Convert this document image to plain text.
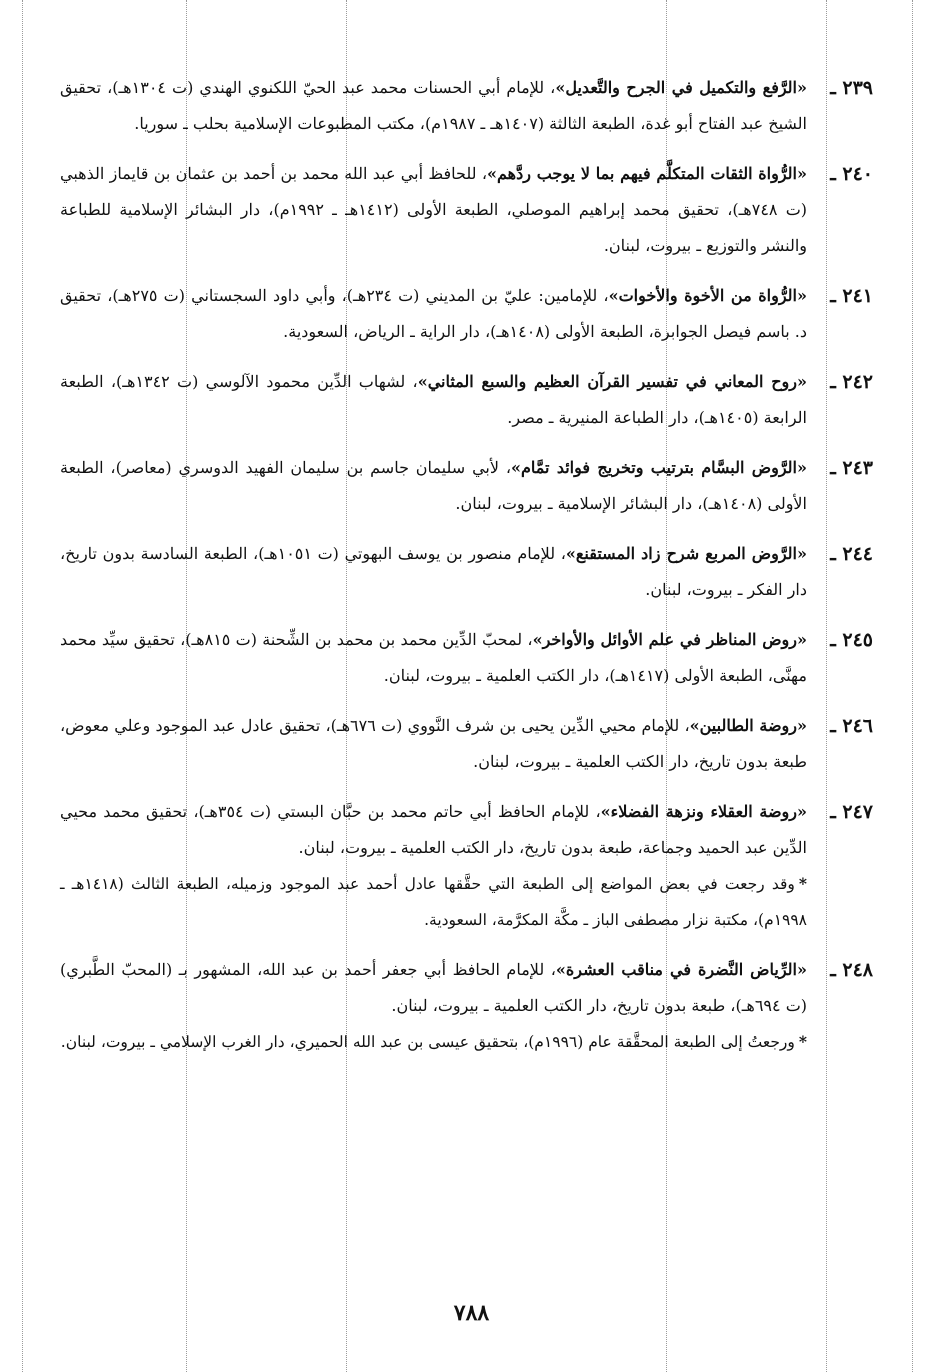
٢٣٩ ـ
«الرَّفع والتكميل في الجرح والتَّعديل»، للإمام أبي الحسنات محمد عبد الحيّ اللكنوي الهندي (ت ١٣٠٤هـ)، تحقيق الشيخ عبد الفتاح أبو غدة، الطبعة الثالثة (١٤٠٧هـ ـ ١٩٨٧م)، مكتب المطبوعات الإسلامية بحلب ـ سوريا.
٢٤٠ ـ
«الرُّواة الثقات المتكلَّم فيهم بما لا يوجب ردَّهم»، للحافظ أبي عبد الله محمد بن أحمد بن عثمان بن قايماز الذهبي (ت ٧٤٨هـ)، تحقيق محمد إبراهيم الموصلي، الطبعة الأولى (١٤١٢هـ ـ ١٩٩٢م)، دار البشائر الإسلامية للطباعة والنشر والتوزيع ـ بيروت، لبنان.
٢٤١ ـ
«الرُّواة من الأخوة والأخوات»، للإمامين: عليّ بن المديني (ت ٢٣٤هـ)، وأبي داود السجستاني (ت ٢٧٥هـ)، تحقيق د. باسم فيصل الجوابرة، الطبعة الأولى (١٤٠٨هـ)، دار الراية ـ الرياض، السعودية.
٢٤٢ ـ
«روح المعاني في تفسير القرآن العظيم والسبع المثاني»، لشهاب الدِّين محمود الآلوسي (ت ١٣٤٢هـ)، الطبعة الرابعة (١٤٠٥هـ)، دار الطباعة المنيرية ـ مصر.
٢٤٣ ـ
«الرَّوض البسَّام بترتيب وتخريج فوائد تمَّام»، لأبي سليمان جاسم بن سليمان الفهيد الدوسري (معاصر)، الطبعة الأولى (١٤٠٨هـ)، دار البشائر الإسلامية ـ بيروت، لبنان.
٢٤٤ ـ
«الرَّوض المربع شرح زاد المستقنع»، للإمام منصور بن يوسف البهوتي (ت ١٠٥١هـ)، الطبعة السادسة بدون تاريخ، دار الفكر ـ بيروت، لبنان.
٢٤٥ ـ
«روض المناظر في علم الأوائل والأواخر»، لمحبّ الدِّين محمد بن محمد بن الشِّحنة (ت ٨١٥هـ)، تحقيق سيِّد محمد مهنَّى، الطبعة الأولى (١٤١٧هـ)، دار الكتب العلمية ـ بيروت، لبنان.
٢٤٦ ـ
«روضة الطالبين»، للإمام محيي الدِّين يحيى بن شرف النَّووي (ت ٦٧٦هـ)، تحقيق عادل عبد الموجود وعلي معوض، طبعة بدون تاريخ، دار الكتب العلمية ـ بيروت، لبنان.
٢٤٧ ـ
«روضة العقلاء ونزهة الفضلاء»، للإمام الحافظ أبي حاتم محمد بن حبَّان البستي (ت ٣٥٤هـ)، تحقيق محمد محيي الدِّين عبد الحميد وجماعة، طبعة بدون تاريخ، دار الكتب العلمية ـ بيروت، لبنان.
*وقد رجعت في بعض المواضع إلى الطبعة التي حقَّقها عادل أحمد عبد الموجود وزميله، الطبعة الثالث (١٤١٨هـ ـ ١٩٩٨م)، مكتبة نزار مصطفى الباز ـ مكَّة المكرَّمة، السعودية.
٢٤٨ ـ
«الرِّياض النَّضرة في مناقب العشرة»، للإمام الحافظ أبي جعفر أحمد بن عبد الله، المشهور بـ (المحبّ الطَّبري) (ت ٦٩٤هـ)، طبعة بدون تاريخ، دار الكتب العلمية ـ بيروت، لبنان.
*ورجعتُ إلى الطبعة المحقَّقة عام (١٩٩٦م)، بتحقيق عيسى بن عبد الله الحميري، دار الغرب الإسلامي ـ بيروت، لبنان.
٧٨٨
